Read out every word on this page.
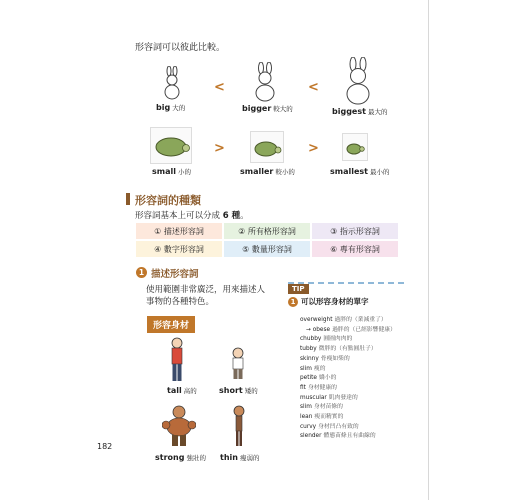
形容詞可以彼此比較。
<	<
big 大的	bigger 較大的	biggest 最大的
>	>
small 小的	smaller 較小的	smallest 最小的
形容詞的種類
形容詞基本上可以分成 6 種。
① 描述形容詞	② 所有格形容詞	③ 指示形容詞
④ 數字形容詞	⑤ 數量形容詞	⑥ 專有形容詞
1 描述形容詞
使用範圍非常廣泛，用來描述人
事物的各種特色。
形容身材
tall 高的	short 矮的
strong 強壯的 thin 瘦弱的
TIP
1 可以形容身材的單字
overweight 過胖的（業減重了）
→ obese 過胖的（已經影響健康）
chubby 圓圓肉肉的
tubby 微胖的（有點圓肚子）
skinny 骨瘦如柴的
slim 瘦的
petite 嬌小的
fit 身材健康的
muscular 肌肉發達的
slim 身材苗條的
lean 瘦而精實的
curvy 身材凹凸有致的
slender 體態苗條且有曲線的
182
